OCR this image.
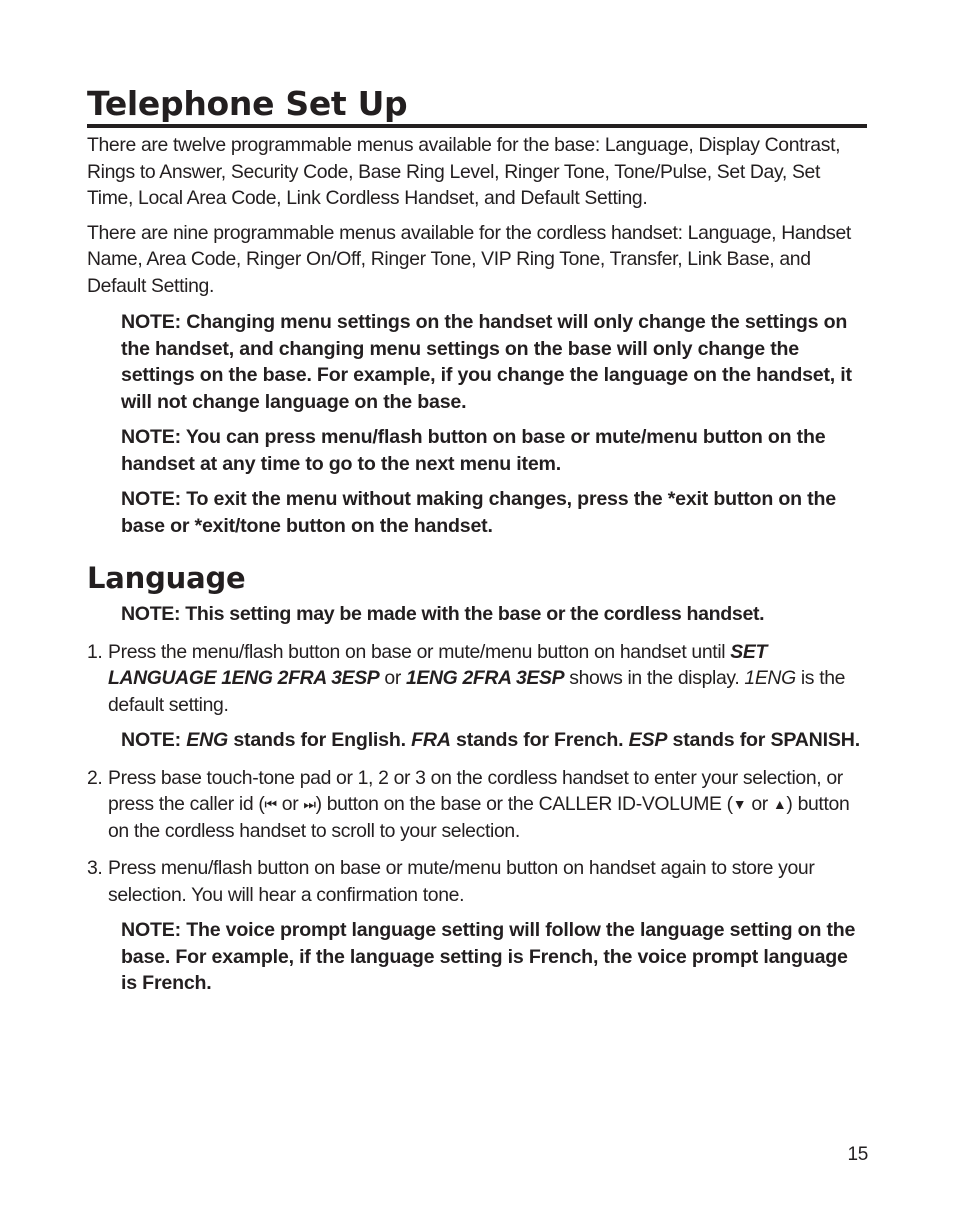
Telephone Set Up

There are twelve programmable menus available for the base: Language, Display Contrast, Rings to Answer, Security Code, Base Ring Level, Ringer Tone, Tone/Pulse, Set Day, Set Time, Local Area Code, Link Cordless Handset, and Default Setting.

There are nine programmable menus available for the cordless handset: Language, Handset Name, Area Code, Ringer On/Off, Ringer Tone, VIP Ring Tone, Transfer, Link Base, and Default Setting.

NOTE: Changing menu settings on the handset will only change the settings on the handset, and changing menu settings on the base will only change the settings on the base. For example, if you change the language on the handset, it will not change language on the base.

NOTE: You can press menu/flash button on base or mute/menu button on the handset at any time to go to the next menu item.

NOTE: To exit the menu without making changes, press the *exit button on the base or *exit/tone button on the handset.

Language

NOTE: This setting may be made with the base or the cordless handset.

1. Press the menu/flash button on base or mute/menu button on handset until SET LANGUAGE 1ENG 2FRA 3ESP or 1ENG 2FRA 3ESP shows in the display. 1ENG is the default setting.

NOTE: ENG stands for English. FRA stands for French. ESP stands for SPANISH.

2. Press base touch-tone pad or 1, 2 or 3 on the cordless handset to enter your selection, or press the caller id (⏮ or ⏭) button on the base or the CALLER ID-VOLUME (▼ or ▲) button on the cordless handset to scroll to your selection.
3. Press menu/flash button on base or mute/menu button on handset again to store your selection. You will hear a confirmation tone.

NOTE: The voice prompt language setting will follow the language setting on the base. For example, if the language setting is French, the voice prompt language is French.

15
